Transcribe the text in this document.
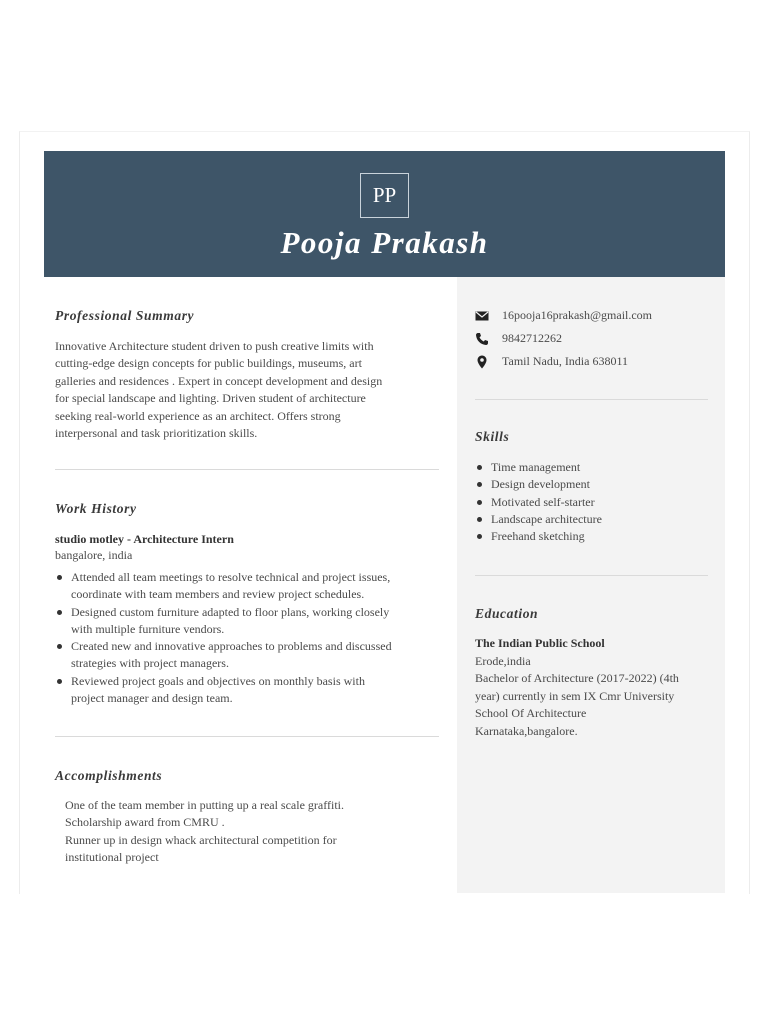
PP
Pooja Prakash
Professional Summary
Innovative Architecture student driven to push creative limits with
cutting-edge design concepts for public buildings, museums, art
galleries and residences . Expert in concept development and design
for special landscape and lighting. Driven student of architecture
seeking real-world experience as an architect. Offers strong
interpersonal and task prioritization skills.
Work History
studio motley - Architecture Intern
bangalore, india
Attended all team meetings to resolve technical and project issues,
coordinate with team members and review project schedules.
Designed custom furniture adapted to floor plans, working closely
with multiple furniture vendors.
Created new and innovative approaches to problems and discussed
strategies with project managers.
Reviewed project goals and objectives on monthly basis with
project manager and design team.
Accomplishments
One of the team member in putting up a real scale graffiti.
Scholarship award from CMRU .
Runner up in design whack architectural competition for
institutional project
16pooja16prakash@gmail.com
9842712262
Tamil Nadu, India 638011
Skills
Time management
Design development
Motivated self-starter
Landscape architecture
Freehand sketching
Education
The Indian Public School
Erode,india
Bachelor of Architecture (2017-2022) (4th
year) currently in sem IX Cmr University
School Of Architecture
Karnataka,bangalore.
